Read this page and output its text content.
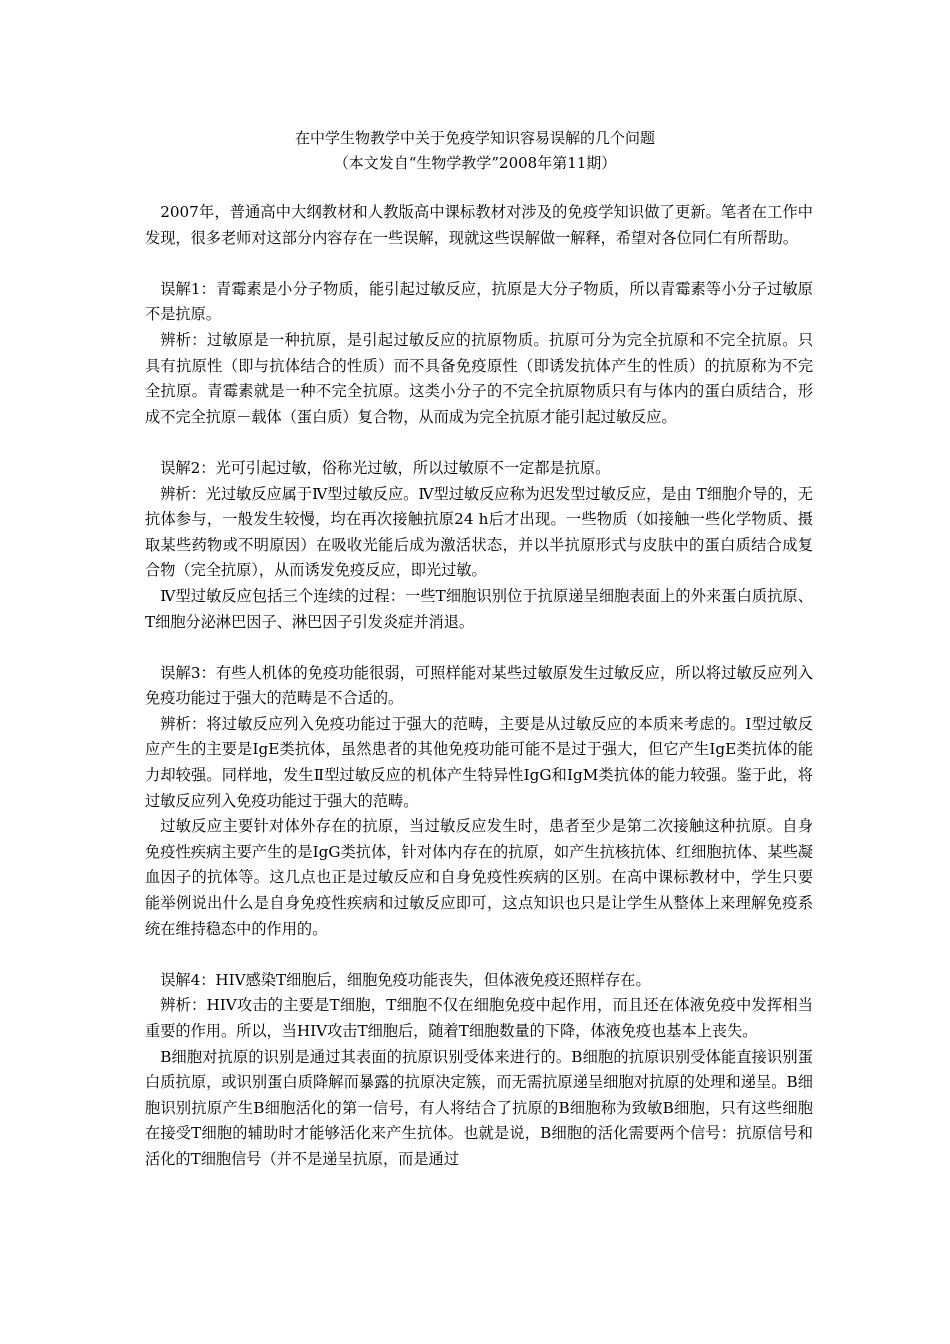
在中学生物教学中关于免疫学知识容易误解的几个问题
（本文发自“生物学教学”2008年第11期）

2007年，普通高中大纲教材和人教版高中课标教材对涉及的免疫学知识做了更新。笔者在工作中发现，很多老师对这部分内容存在一些误解，现就这些误解做一解释，希望对各位同仁有所帮助。

误解1：青霉素是小分子物质，能引起过敏反应，抗原是大分子物质，所以青霉素等小分子过敏原不是抗原。

辨析：过敏原是一种抗原，是引起过敏反应的抗原物质。抗原可分为完全抗原和不完全抗原。只具有抗原性（即与抗体结合的性质）而不具备免疫原性（即诱发抗体产生的性质）的抗原称为不完全抗原。青霉素就是一种不完全抗原。这类小分子的不完全抗原物质只有与体内的蛋白质结合，形成不完全抗原－载体（蛋白质）复合物，从而成为完全抗原才能引起过敏反应。

误解2：光可引起过敏，俗称光过敏，所以过敏原不一定都是抗原。

辨析：光过敏反应属于Ⅳ型过敏反应。Ⅳ型过敏反应称为迟发型过敏反应，是由 T细胞介导的，无抗体参与，一般发生较慢，均在再次接触抗原24 h后才出现。一些物质（如接触一些化学物质、摄取某些药物或不明原因）在吸收光能后成为激活状态，并以半抗原形式与皮肤中的蛋白质结合成复合物（完全抗原），从而诱发免疫反应，即光过敏。

Ⅳ型过敏反应包括三个连续的过程：一些T细胞识别位于抗原递呈细胞表面上的外来蛋白质抗原、T细胞分泌淋巴因子、淋巴因子引发炎症并消退。

误解3：有些人机体的免疫功能很弱，可照样能对某些过敏原发生过敏反应，所以将过敏反应列入免疫功能过于强大的范畴是不合适的。

辨析：将过敏反应列入免疫功能过于强大的范畴，主要是从过敏反应的本质来考虑的。Ⅰ型过敏反应产生的主要是IgE类抗体，虽然患者的其他免疫功能可能不是过于强大，但它产生IgE类抗体的能力却较强。同样地，发生Ⅱ型过敏反应的机体产生特异性IgG和IgM类抗体的能力较强。鉴于此，将过敏反应列入免疫功能过于强大的范畴。

过敏反应主要针对体外存在的抗原，当过敏反应发生时，患者至少是第二次接触这种抗原。自身免疫性疾病主要产生的是IgG类抗体，针对体内存在的抗原，如产生抗核抗体、红细胞抗体、某些凝血因子的抗体等。这几点也正是过敏反应和自身免疫性疾病的区别。在高中课标教材中，学生只要能举例说出什么是自身免疫性疾病和过敏反应即可，这点知识也只是让学生从整体上来理解免疫系统在维持稳态中的作用的。

误解4：HIV感染T细胞后，细胞免疫功能丧失，但体液免疫还照样存在。

辨析：HIV攻击的主要是T细胞，T细胞不仅在细胞免疫中起作用，而且还在体液免疫中发挥相当重要的作用。所以，当HIV攻击T细胞后，随着T细胞数量的下降，体液免疫也基本上丧失。

B细胞对抗原的识别是通过其表面的抗原识别受体来进行的。B细胞的抗原识别受体能直接识别蛋白质抗原，或识别蛋白质降解而暴露的抗原决定簇，而无需抗原递呈细胞对抗原的处理和递呈。B细胞识别抗原产生B细胞活化的第一信号，有人将结合了抗原的B细胞称为致敏B细胞，只有这些细胞在接受T细胞的辅助时才能够活化来产生抗体。也就是说，B细胞的活化需要两个信号：抗原信号和活化的T细胞信号（并不是递呈抗原，而是通过
